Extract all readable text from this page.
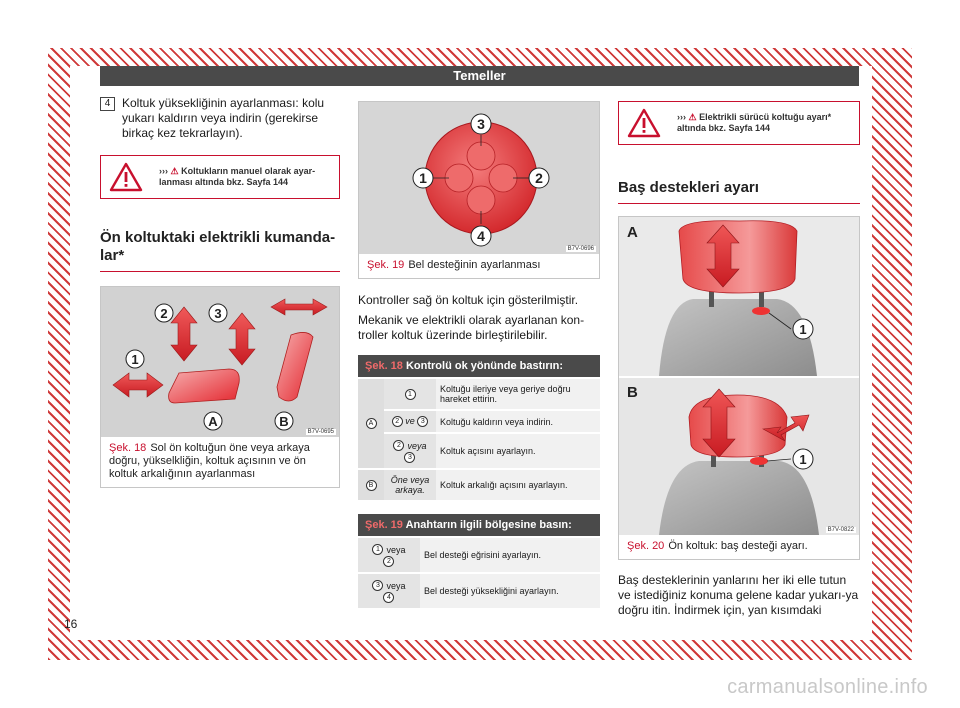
Temeller
4 Koltuk yüksekliğinin ayarlanması: kolu yukarı kaldırın veya indirin (gerekirse birkaç kez tekrarlayın).
››› ⚠ Koltukların manuel olarak ayar-lanması altında bkz. Sayfa 144
Ön koltuktaki elektrikli kumanda-lar*
1
2	3
A	B
B7V-0695
Şek. 18 Sol ön koltuğun öne veya arkaya doğru, yükselkliğin, koltuk açısının ve ön koltuk arkalığının ayarlanması
1	2
3
4
B7V-0696
Şek. 19 Bel desteğinin ayarlanması

Kontroller sağ ön koltuk için gösterilmiştir.

Mekanik ve elektrikli olarak ayarlanan kon-troller koltuk üzerinde birleştirilebilir.

Şek. 18 Kontrolü ok yönünde bastırın:
A	1	Koltuğu ileriye veya geriye doğru hareket ettirin.
	2 ve 3	Koltuğu kaldırın veya indirin.

	2 veya
3	Koltuk açısını ayarlayın.
B	Öne veya arkaya.	Koltuk arkalığı açısını ayarlayın.
Şek. 19 Anahtarın ilgili bölgesine basın:
1 veya
2	Bel desteği eğrisini ayarlayın.

3 veya
4	Bel desteği yüksekliğini ayarlayın.
››› ⚠ Elektrikli sürücü koltuğu ayarı* altında bkz. Sayfa 144
Baş destekleri ayarı
1
A
1
B
B7V-0822
Şek. 20 Ön koltuk: baş desteği ayarı.

Baş desteklerinin yanlarını her iki elle tutun ve istediğiniz konuma gelene kadar yukarı-ya doğru itin. İndirmek için, yan kısımdaki

16
carmanualsonline.info
